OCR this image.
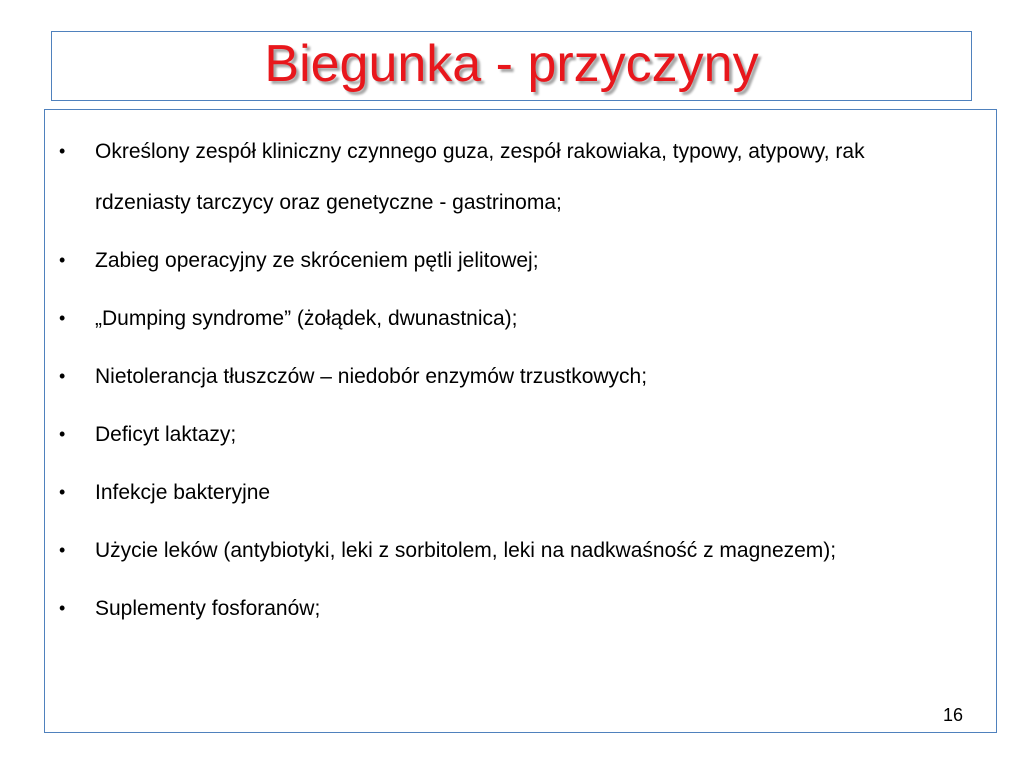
Biegunka - przyczyny
• Określony zespół kliniczny czynnego guza, zespół rakowiaka, typowy, atypowy, rak rdzeniasty tarczycy oraz genetyczne - gastrinoma;
• Zabieg operacyjny ze skróceniem pętli jelitowej;
• „Dumping syndrome” (żołądek, dwunastnica);
• Nietolerancja tłuszczów – niedobór enzymów trzustkowych;
• Deficyt laktazy;
• Infekcje bakteryjne
• Użycie leków (antybiotyki, leki z sorbitolem, leki na nadkwaśność z magnezem);
• Suplementy fosforanów;
16
